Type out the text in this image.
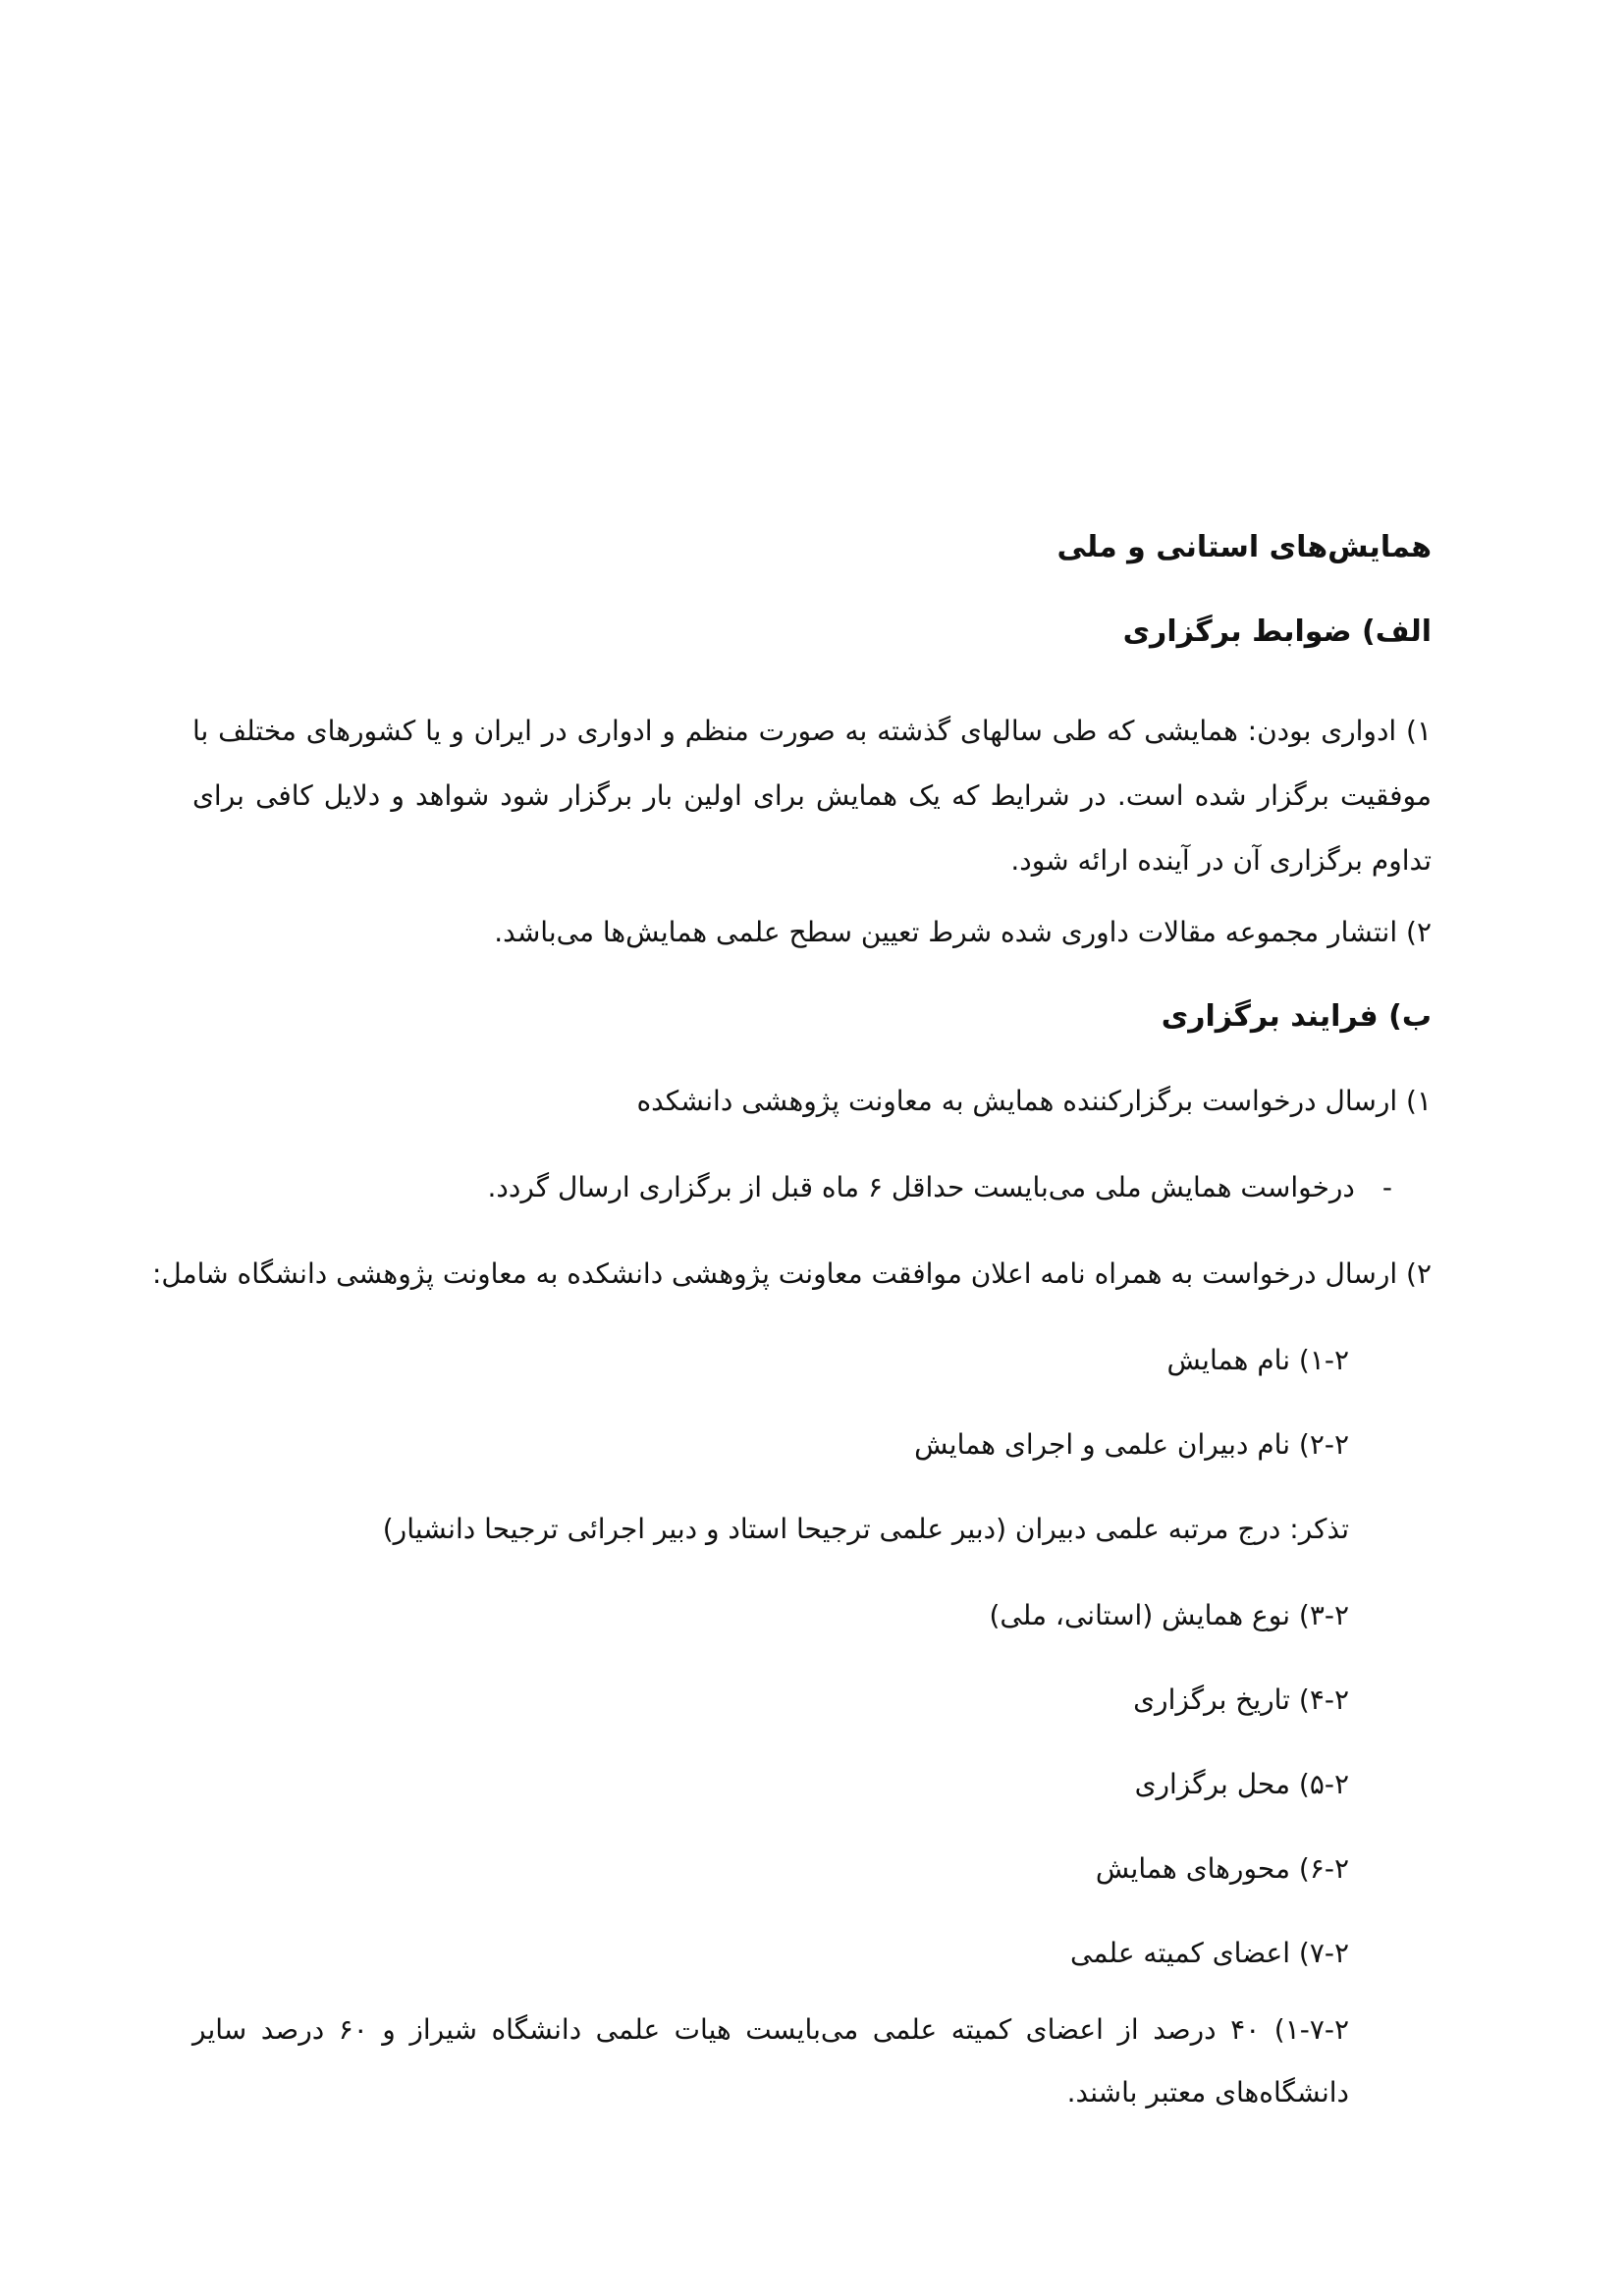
همایش‌های استانی و ملی

الف) ضوابط برگزاری

۱) ادواری بودن: همایشی که طی سالهای گذشته به صورت منظم و ادواری در ایران و یا کشورهای مختلف با موفقیت برگزار شده است. در شرایط که یک همایش برای اولین بار برگزار شود شواهد و دلایل کافی برای تداوم برگزاری آن در آینده ارائه شود.

۲) انتشار مجموعه مقالات داوری شده شرط تعیین سطح علمی همایش‌ها می‌باشد.

ب) فرایند برگزاری

۱) ارسال درخواست برگزارکننده همایش به معاونت پژوهشی دانشکده

-درخواست همایش ملی می‌بایست حداقل ۶ ماه قبل از برگزاری ارسال گردد.

۲) ارسال درخواست به همراه نامه اعلان موافقت معاونت پژوهشی دانشکده به معاونت پژوهشی دانشگاه شامل:

۱-۲) نام همایش

۲-۲) نام دبیران علمی و اجرای همایش

تذکر: درج مرتبه علمی دبیران (دبیر علمی ترجیحا استاد و دبیر اجرائی ترجیحا دانشیار)

۳-۲) نوع همایش (استانی، ملی)

۴-۲) تاریخ برگزاری

۵-۲) محل برگزاری

۶-۲) محورهای همایش

۷-۲) اعضای کمیته علمی

۱-۷-۲) ۴۰ درصد از اعضای کمیته علمی می‌بایست هیات علمی دانشگاه شیراز و ۶۰ درصد سایر دانشگاه‌های معتبر باشند.
